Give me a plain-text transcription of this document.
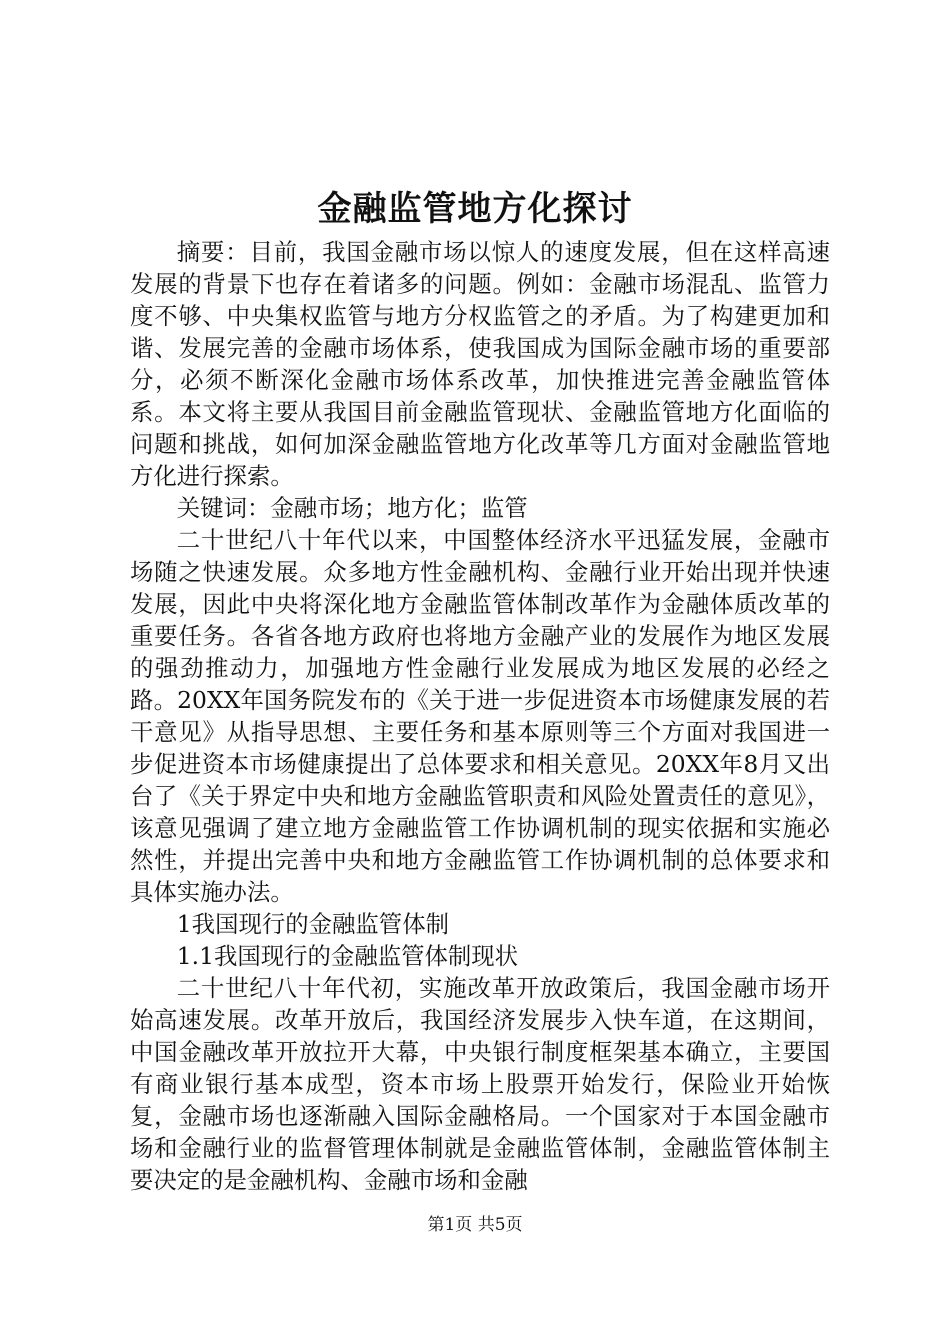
金融监管地方化探讨

摘要：目前，我国金融市场以惊人的速度发展，但在这样高速发展的背景下也存在着诸多的问题。例如：金融市场混乱、监管力度不够、中央集权监管与地方分权监管之的矛盾。为了构建更加和谐、发展完善的金融市场体系，使我国成为国际金融市场的重要部分，必须不断深化金融市场体系改革，加快推进完善金融监管体系。本文将主要从我国目前金融监管现状、金融监管地方化面临的问题和挑战，如何加深金融监管地方化改革等几方面对金融监管地方化进行探索。

关键词：金融市场；地方化；监管

二十世纪八十年代以来，中国整体经济水平迅猛发展，金融市场随之快速发展。众多地方性金融机构、金融行业开始出现并快速发展，因此中央将深化地方金融监管体制改革作为金融体质改革的重要任务。各省各地方政府也将地方金融产业的发展作为地区发展的强劲推动力，加强地方性金融行业发展成为地区发展的必经之路。20XX年国务院发布的《关于进一步促进资本市场健康发展的若干意见》从指导思想、主要任务和基本原则等三个方面对我国进一步促进资本市场健康提出了总体要求和相关意见。20XX年8月又出台了《关于界定中央和地方金融监管职责和风险处置责任的意见》，该意见强调了建立地方金融监管工作协调机制的现实依据和实施必然性，并提出完善中央和地方金融监管工作协调机制的总体要求和具体实施办法。

1我国现行的金融监管体制

1.1我国现行的金融监管体制现状

二十世纪八十年代初，实施改革开放政策后，我国金融市场开始高速发展。改革开放后，我国经济发展步入快车道，在这期间，中国金融改革开放拉开大幕，中央银行制度框架基本确立，主要国有商业银行基本成型，资本市场上股票开始发行，保险业开始恢复，金融市场也逐渐融入国际金融格局。一个国家对于本国金融市场和金融行业的监督管理体制就是金融监管体制，金融监管体制主要决定的是金融机构、金融市场和金融

第1页 共5页
